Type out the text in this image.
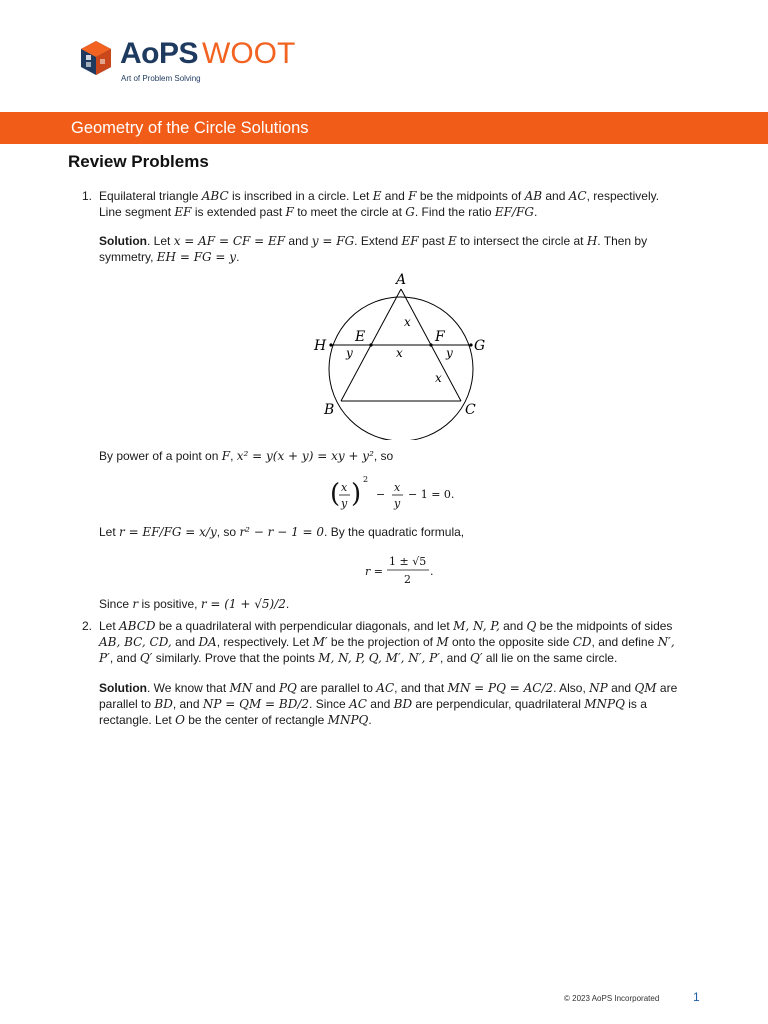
AoPS WOOT
Art of Problem Solving
Geometry of the Circle Solutions
Review Problems
1. Equilateral triangle ABC is inscribed in a circle. Let E and F be the midpoints of AB and AC, respectively.
Line segment EF is extended past F to meet the circle at G. Find the ratio EF/FG.
Solution. Let x = AF = CF = EF and y = FG. Extend EF past E to intersect the circle at H. Then by
symmetry, EH = FG = y.
A
B	C
E	F
G
H
x
x
x
y	y
By power of a point on F, x² = y(x + y) = xy + y², so
( x
y ) 2
−
x
y
− 1 = 0.
Let r = EF/FG = x/y, so r² − r − 1 = 0. By the quadratic formula,
r =
1 ± √5
2
.
Since r is positive, r = (1 + √5)/2.
2. Let ABCD be a quadrilateral with perpendicular diagonals, and let M, N, P, and Q be the midpoints of sides
AB, BC, CD, and DA, respectively. Let M′ be the projection of M onto the opposite side CD, and define N′,
P′, and Q′ similarly. Prove that the points M, N, P, Q, M′, N′, P′, and Q′ all lie on the same circle.
Solution. We know that MN and PQ are parallel to AC, and that MN = PQ = AC/2. Also, NP and QM are
parallel to BD, and NP = QM = BD/2. Since AC and BD are perpendicular, quadrilateral MNPQ is a
rectangle. Let O be the center of rectangle MNPQ.
© 2023 AoPS Incorporated	1
